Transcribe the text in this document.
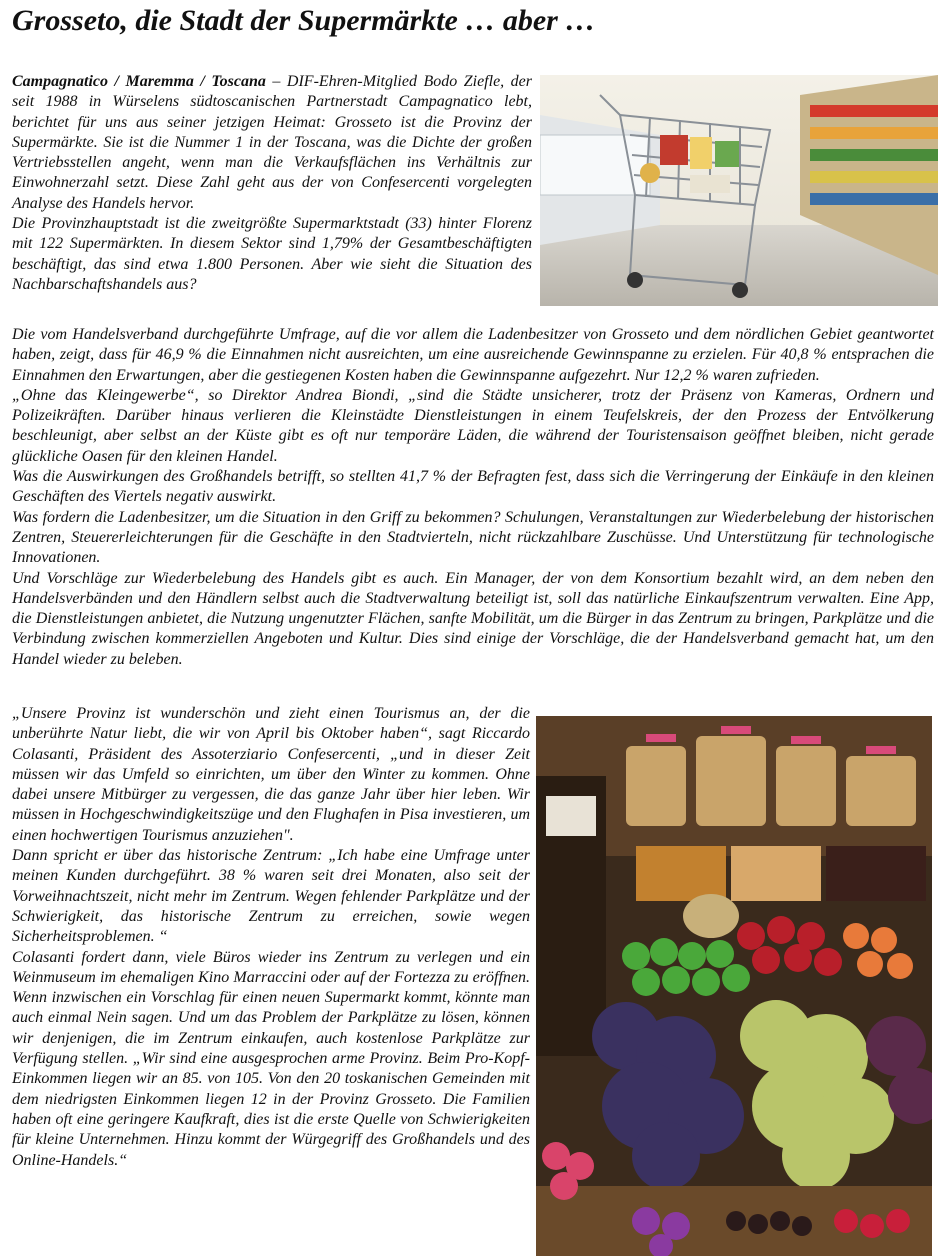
Grosseto, die Stadt der Supermärkte … aber …

Campagnatico / Maremma / Toscana – DIF-Ehren-Mitglied Bodo Ziefle, der seit 1988 in Würselens südtoscanischen Partnerstadt Campagnatico lebt, berichtet für uns aus seiner jetzigen Heimat: Grosseto ist die Provinz der Supermärkte. Sie ist die Nummer 1 in der Toscana, was die Dichte der großen Vertriebsstellen angeht, wenn man die Verkaufsflächen ins Verhältnis zur Einwohnerzahl setzt. Diese Zahl geht aus der von Confesercenti vorgelegten Analyse des Handels hervor.

Die Provinzhauptstadt ist die zweitgrößte Supermarktstadt (33) hinter Florenz mit 122 Supermärkten. In diesem Sektor sind 1,79% der Gesamtbeschäftigten beschäftigt, das sind etwa 1.800 Personen. Aber wie sieht die Situation des Nachbarschaftshandels aus?

Die vom Handelsverband durchgeführte Umfrage, auf die vor allem die Ladenbesitzer von Grosseto und dem nördlichen Gebiet geantwortet haben, zeigt, dass für 46,9 % die Einnahmen nicht ausreichten, um eine ausreichende Gewinnspanne zu erzielen. Für 40,8 % entsprachen die Einnahmen den Erwartungen, aber die gestiegenen Kosten haben die Gewinnspanne aufgezehrt. Nur 12,2 % waren zufrieden.

„Ohne das Kleingewerbe“, so Direktor Andrea Biondi, „sind die Städte unsicherer, trotz der Präsenz von Kameras, Ordnern und Polizeikräften. Darüber hinaus verlieren die Kleinstädte Dienstleistungen in einem Teufelskreis, der den Prozess der Entvölkerung beschleunigt, aber selbst an der Küste gibt es oft nur temporäre Läden, die während der Touristensaison geöffnet bleiben, nicht gerade glückliche Oasen für den kleinen Handel.

Was die Auswirkungen des Großhandels betrifft, so stellten 41,7 % der Befragten fest, dass sich die Verringerung der Einkäufe in den kleinen Geschäften des Viertels negativ auswirkt.

Was fordern die Ladenbesitzer, um die Situation in den Griff zu bekommen? Schulungen, Veranstaltungen zur Wiederbelebung der historischen Zentren, Steuererleichterungen für die Geschäfte in den Stadtvierteln, nicht rückzahlbare Zuschüsse. Und Unterstützung für technologische Innovationen.

Und Vorschläge zur Wiederbelebung des Handels gibt es auch. Ein Manager, der von dem Konsortium bezahlt wird, an dem neben den Handelsverbänden und den Händlern selbst auch die Stadtverwaltung beteiligt ist, soll das natürliche Einkaufszentrum verwalten. Eine App, die Dienstleistungen anbietet, die Nutzung ungenutzter Flächen, sanfte Mobilität, um die Bürger in das Zentrum zu bringen, Parkplätze und die Verbindung zwischen kommerziellen Angeboten und Kultur. Dies sind einige der Vorschläge, die der Handelsverband gemacht hat, um den Handel wieder zu beleben.

„Unsere Provinz ist wunderschön und zieht einen Tourismus an, der die unberührte Natur liebt, die wir von April bis Oktober haben“, sagt Riccardo Colasanti, Präsident des Assoterziario Confesercenti, „und in dieser Zeit müssen wir das Umfeld so einrichten, um über den Winter zu kommen. Ohne dabei unsere Mitbürger zu vergessen, die das ganze Jahr über hier leben. Wir müssen in Hochgeschwindigkeitszüge und den Flughafen in Pisa investieren, um einen hochwertigen Tourismus anzuziehen".

Dann spricht er über das historische Zentrum: „Ich habe eine Umfrage unter meinen Kunden durchgeführt. 38 % waren seit drei Monaten, also seit der Vorweihnachtszeit, nicht mehr im Zentrum. Wegen fehlender Parkplätze und der Schwierigkeit, das historische Zentrum zu erreichen, sowie wegen Sicherheitsproblemen. “

Colasanti fordert dann, viele Büros wieder ins Zentrum zu verlegen und ein Weinmuseum im ehemaligen Kino Marraccini oder auf der Fortezza zu eröffnen. Wenn inzwischen ein Vorschlag für einen neuen Supermarkt kommt, könnte man auch einmal Nein sagen. Und um das Problem der Parkplätze zu lösen, können wir denjenigen, die im Zentrum einkaufen, auch kostenlose Parkplätze zur Verfügung stellen. „Wir sind eine ausgesprochen arme Provinz. Beim Pro-Kopf-Einkommen liegen wir an 85. von 105. Von den 20 toskanischen Gemeinden mit dem niedrigsten Einkommen liegen 12 in der Provinz Grosseto. Die Familien haben oft eine geringere Kaufkraft, dies ist die erste Quelle von Schwierigkeiten für kleine Unternehmen. Hinzu kommt der Würgegriff des Großhandels und des Online-Handels.“
